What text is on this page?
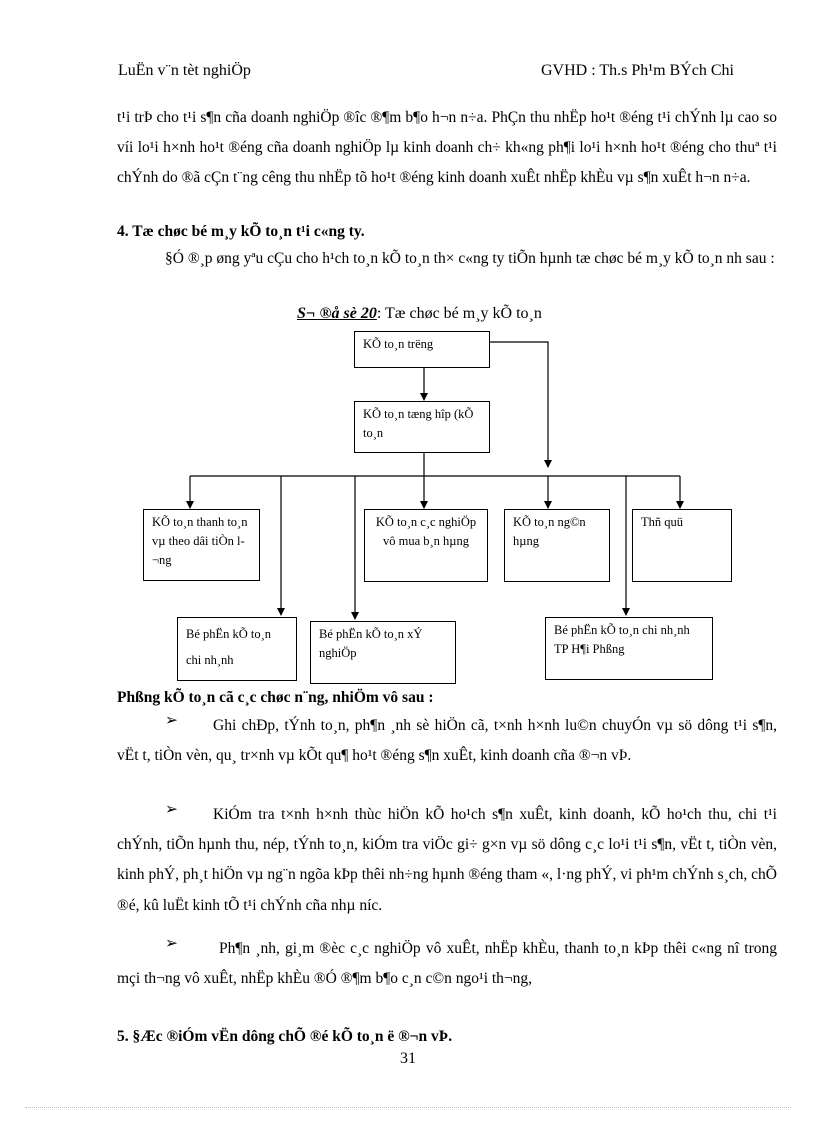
LuËn v¨n tèt nghiÖp	GVHD : Th.s Ph¹m BÝch Chi
t¹i trÞ cho t¹i s¶n cña doanh nghiÖp ®îc ®¶m b¶o h¬n n÷a. PhÇn thu nhËp ho¹t ®éng t¹i chÝnh lµ cao so víi lo¹i h×nh ho¹t ®éng cña doanh nghiÖp lµ kinh doanh ch÷ kh«ng ph¶i lo¹i h×nh ho¹t ®éng cho thuª t¹i chÝnh do ®ã cÇn t¨ng cêng thu nhËp tõ ho¹t ®éng kinh doanh xuÊt nhËp khÈu vµ s¶n xuÊt h¬n n÷a.
4. Tæ chøc bé m¸y kÕ to¸n t¹i c«ng ty.
§Ó ®¸p øng yªu cÇu cho h¹ch to¸n kÕ to¸n th× c«ng ty tiÕn hµnh tæ chøc bé m¸y kÕ to¸n nh sau :
S¬ ®å sè 20: Tæ chøc bé m¸y kÕ to¸n
KÕ to¸n trëng
KÕ to¸n tæng hîp (kÕ to¸n
KÕ to¸n thanh to¸n vµ theo dâi tiÒn l¬ng
KÕ to¸n c¸c nghiÖp vô mua b¸n hµng
KÕ to¸n ng©n hµng
Thñ quü
Bé phËn kÕ to¸n chi nh¸nh
Bé phËn kÕ to¸n xÝ nghiÖp
Bé phËn kÕ to¸n chi nh¸nh TP H¶i Phßng
Phßng kÕ to¸n cã c¸c chøc n¨ng, nhiÖm vô sau :
➢	Ghi chÐp, tÝnh to¸n, ph¶n ¸nh sè hiÖn cã, t×nh h×nh lu©n chuyÓn vµ sö dông t¹i s¶n, vËt t, tiÒn vèn, qu¸ tr×nh vµ kÕt qu¶ ho¹t ®éng s¶n xuÊt, kinh doanh cña ®¬n vÞ.
➢	KiÓm tra t×nh h×nh thùc hiÖn kÕ ho¹ch s¶n xuÊt, kinh doanh, kÕ ho¹ch thu, chi t¹i chÝnh, tiÕn hµnh thu, nép, tÝnh to¸n, kiÓm tra viÖc gi÷ g×n vµ sö dông c¸c lo¹i t¹i s¶n, vËt t, tiÒn vèn, kinh phÝ, ph¸t hiÖn vµ ng¨n ngõa kÞp thêi nh÷ng hµnh ®éng tham «, l·ng phÝ, vi ph¹m chÝnh s¸ch, chÕ ®é, kû luËt kinh tÕ t¹i chÝnh cña nhµ níc.
➢	Ph¶n ¸nh, gi¸m ®èc c¸c nghiÖp vô xuÊt, nhËp khÈu, thanh to¸n kÞp thêi c«ng nî trong mçi th¬ng vô xuÊt, nhËp khÈu ®Ó ®¶m b¶o c¸n c©n ngo¹i th¬ng,
5. §Æc ®iÓm vËn dông chÕ ®é kÕ to¸n ë ®¬n vÞ.
31
